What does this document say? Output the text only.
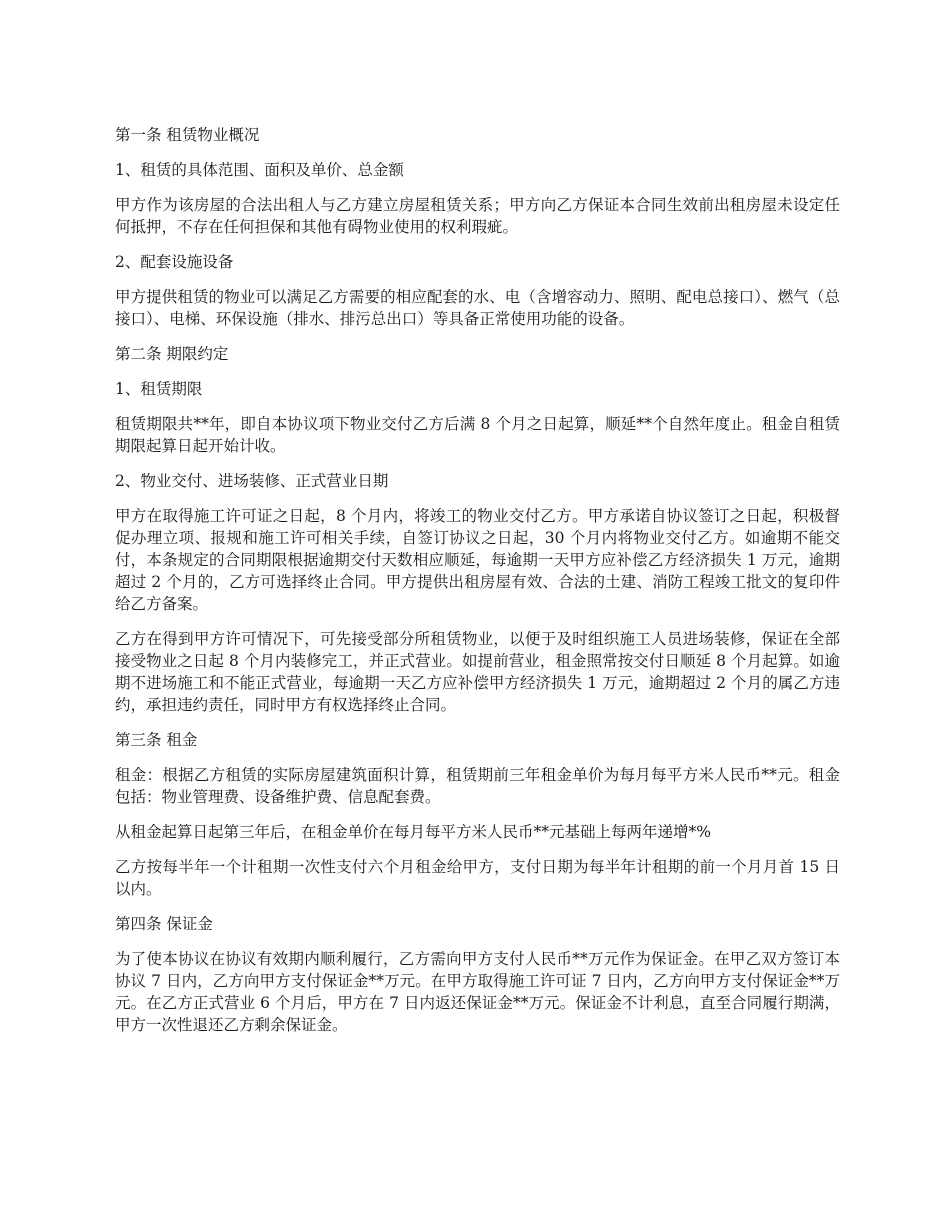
第一条 租赁物业概况

1、租赁的具体范围、面积及单价、总金额

甲方作为该房屋的合法出租人与乙方建立房屋租赁关系；甲方向乙方保证本合同生效前出租房屋未设定任何抵押，不存在任何担保和其他有碍物业使用的权利瑕疵。

2、配套设施设备

甲方提供租赁的物业可以满足乙方需要的相应配套的水、电（含增容动力、照明、配电总接口）、燃气（总接口）、电梯、环保设施（排水、排污总出口）等具备正常使用功能的设备。

第二条 期限约定

1、租赁期限

租赁期限共**年，即自本协议项下物业交付乙方后满 8 个月之日起算，顺延**个自然年度止。租金自租赁期限起算日起开始计收。

2、物业交付、进场装修、正式营业日期

甲方在取得施工许可证之日起，8 个月内，将竣工的物业交付乙方。甲方承诺自协议签订之日起，积极督促办理立项、报规和施工许可相关手续，自签订协议之日起，30 个月内将物业交付乙方。如逾期不能交付，本条规定的合同期限根据逾期交付天数相应顺延，每逾期一天甲方应补偿乙方经济损失 1 万元，逾期超过 2 个月的，乙方可选择终止合同。甲方提供出租房屋有效、合法的土建、消防工程竣工批文的复印件给乙方备案。

乙方在得到甲方许可情况下，可先接受部分所租赁物业，以便于及时组织施工人员进场装修，保证在全部接受物业之日起 8 个月内装修完工，并正式营业。如提前营业，租金照常按交付日顺延 8 个月起算。如逾期不进场施工和不能正式营业，每逾期一天乙方应补偿甲方经济损失 1 万元，逾期超过 2 个月的属乙方违约，承担违约责任，同时甲方有权选择终止合同。

第三条 租金

租金：根据乙方租赁的实际房屋建筑面积计算，租赁期前三年租金单价为每月每平方米人民币**元。租金包括：物业管理费、设备维护费、信息配套费。

从租金起算日起第三年后，在租金单价在每月每平方米人民币**元基础上每两年递增*%

乙方按每半年一个计租期一次性支付六个月租金给甲方，支付日期为每半年计租期的前一个月月首 15 日以内。

第四条 保证金

为了使本协议在协议有效期内顺利履行，乙方需向甲方支付人民币**万元作为保证金。在甲乙双方签订本协议 7 日内，乙方向甲方支付保证金**万元。在甲方取得施工许可证 7 日内，乙方向甲方支付保证金**万元。在乙方正式营业 6 个月后，甲方在 7 日内返还保证金**万元。保证金不计利息，直至合同履行期满，甲方一次性退还乙方剩余保证金。
